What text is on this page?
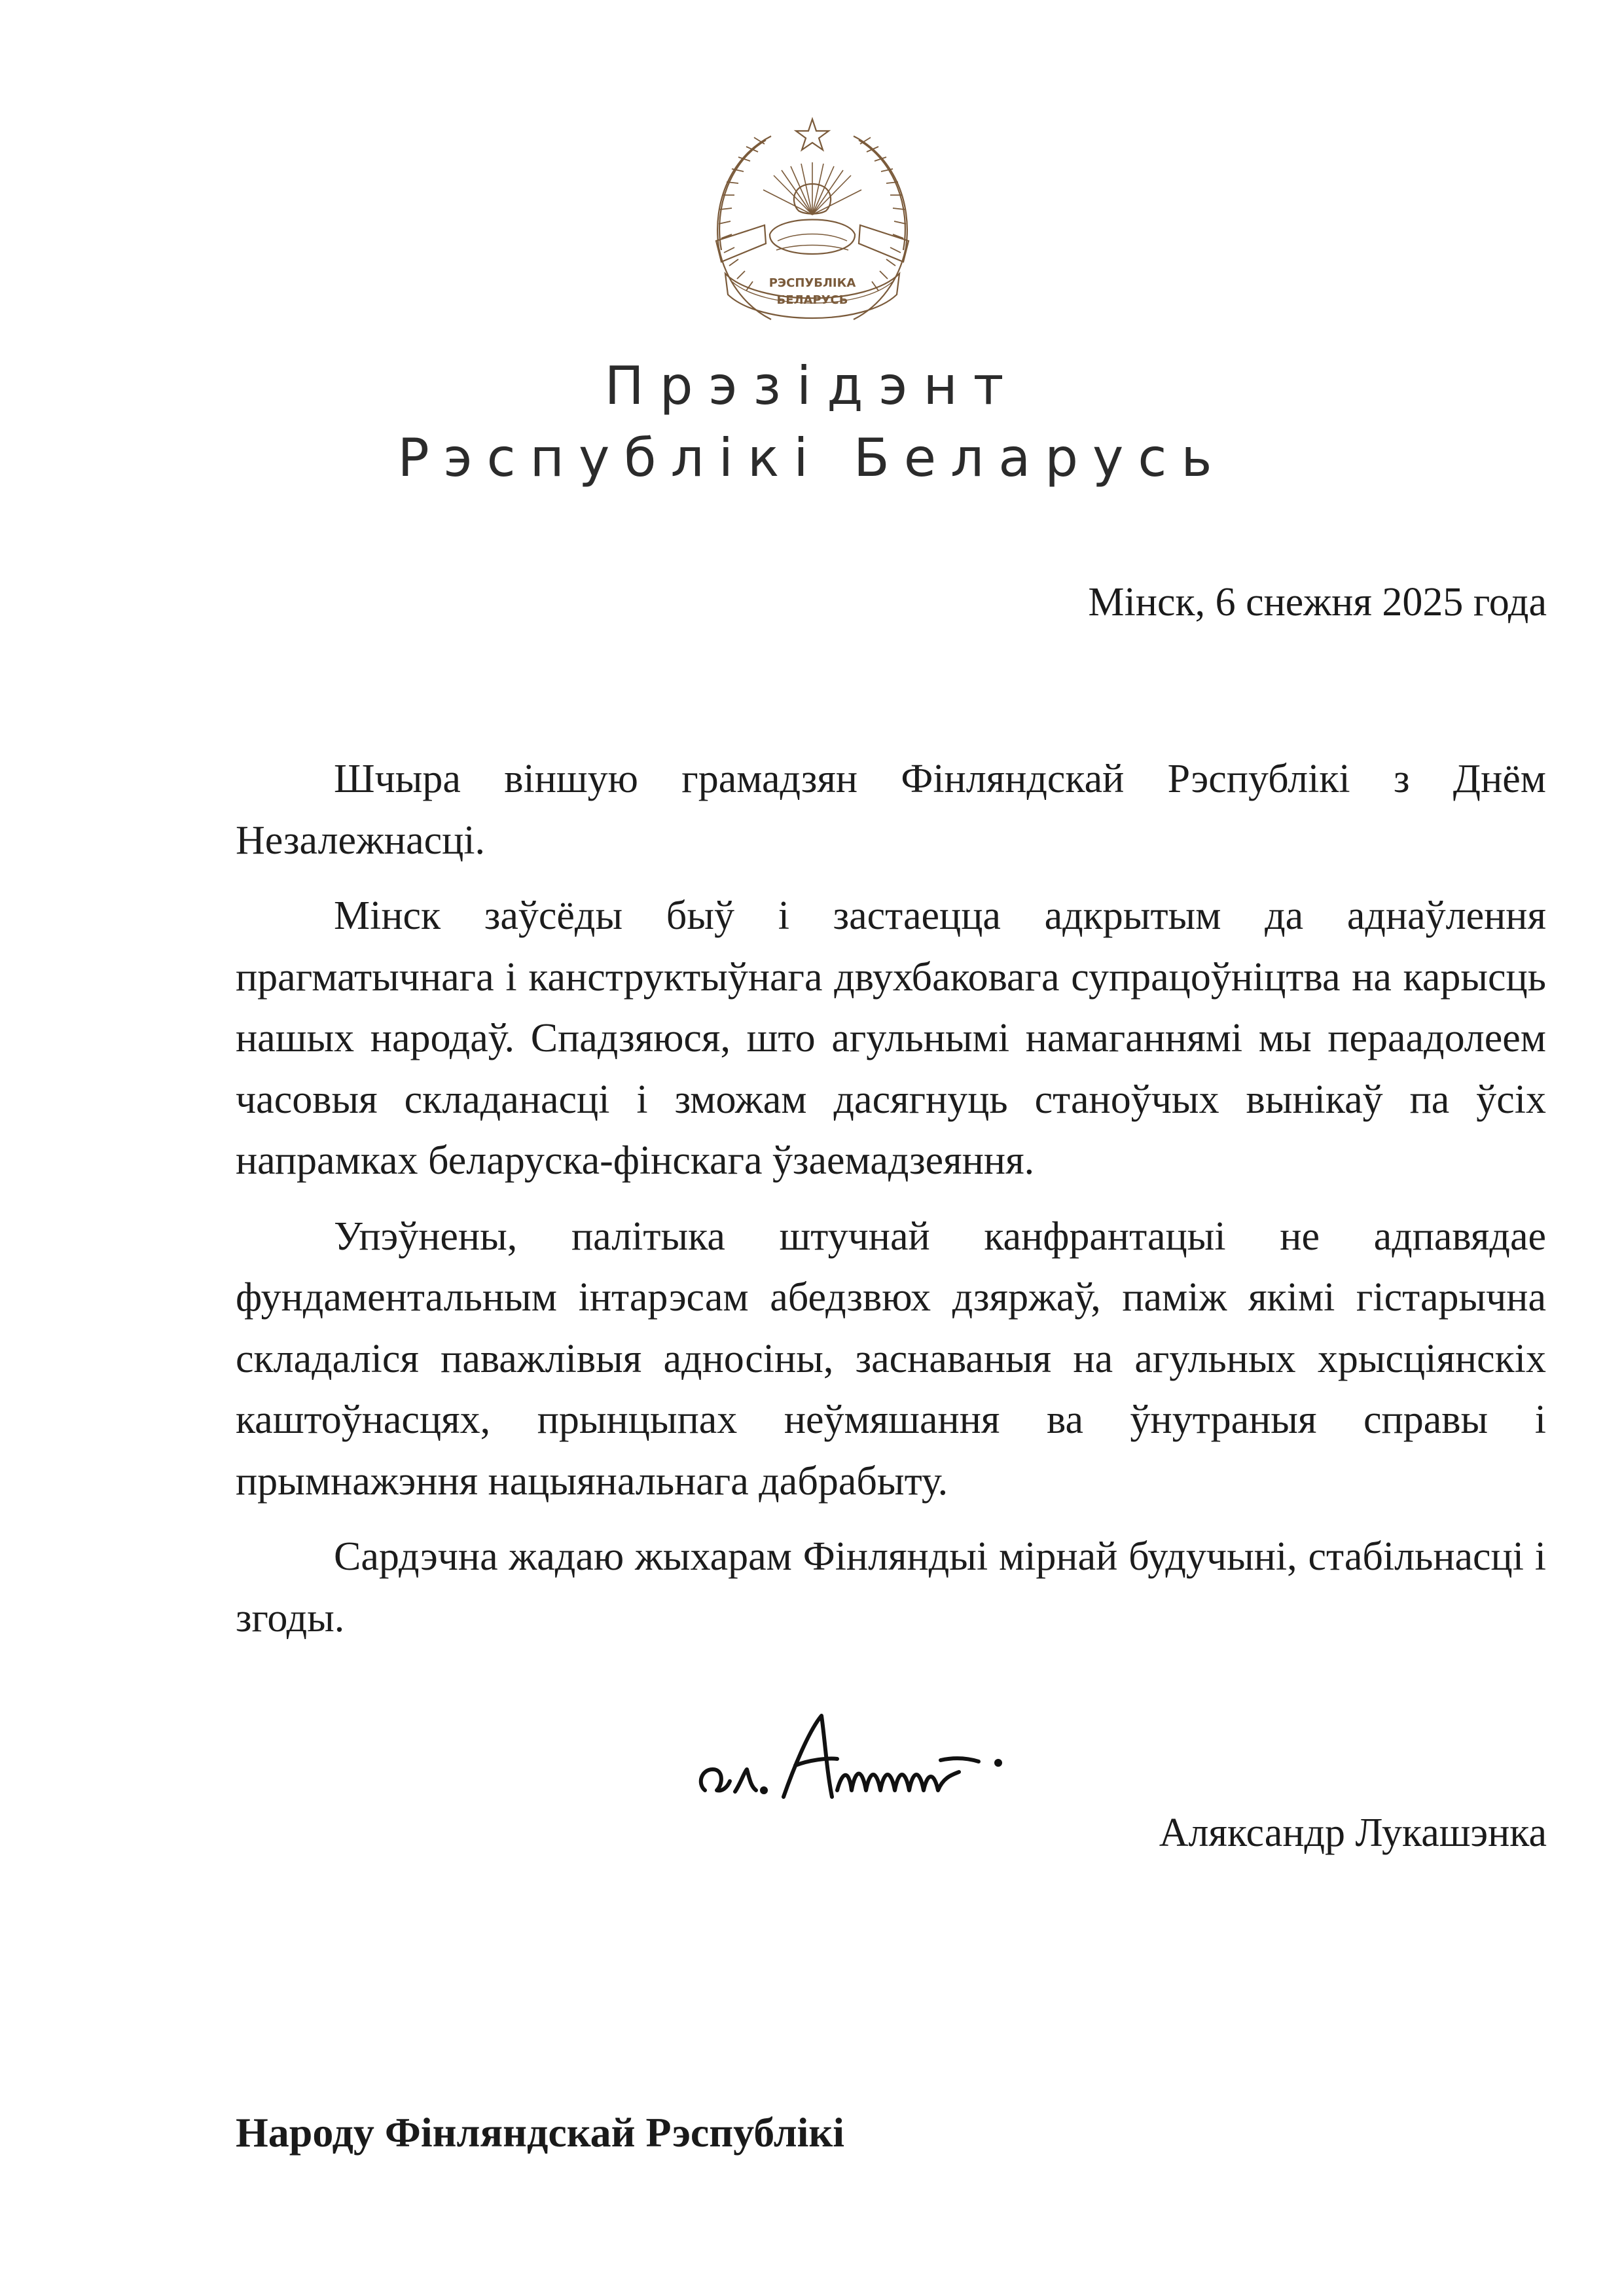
РЭСПУБЛІКА
БЕЛАРУСЬ
Прэзідэнт
Рэспублікі Беларусь
Мінск, 6 снежня 2025 года

Шчыра віншую грамадзян Фінляндскай Рэспублікі з Днём Незалежнасці.

Мінск заўсёды быў і застаецца адкрытым да аднаўлення прагматычнага і канструктыўнага двухбаковага супрацоўніцтва на карысць нашых народаў. Спадзяюся, што агульнымі намаганнямі мы пераадолеем часовыя складанасці і зможам дасягнуць станоўчых вынікаў па ўсіх напрамках беларуска-фінскага ўзаемадзеяння.

Упэўнены, палітыка штучнай канфрантацыі не адпавядае фундаментальным інтарэсам абедзвюх дзяржаў, паміж якімі гістарычна складаліся паважлівыя адносіны, заснаваныя на агульных хрысціянскіх каштоўнасцях, прынцыпах неўмяшання ва ўнутраныя справы і прымнажэння нацыянальнага дабрабыту.

Сардэчна жадаю жыхарам Фінляндыі мірнай будучыні, стабільнасці і згоды.

Аляксандр Лукашэнка
Народу Фінляндскай Рэспублікі
